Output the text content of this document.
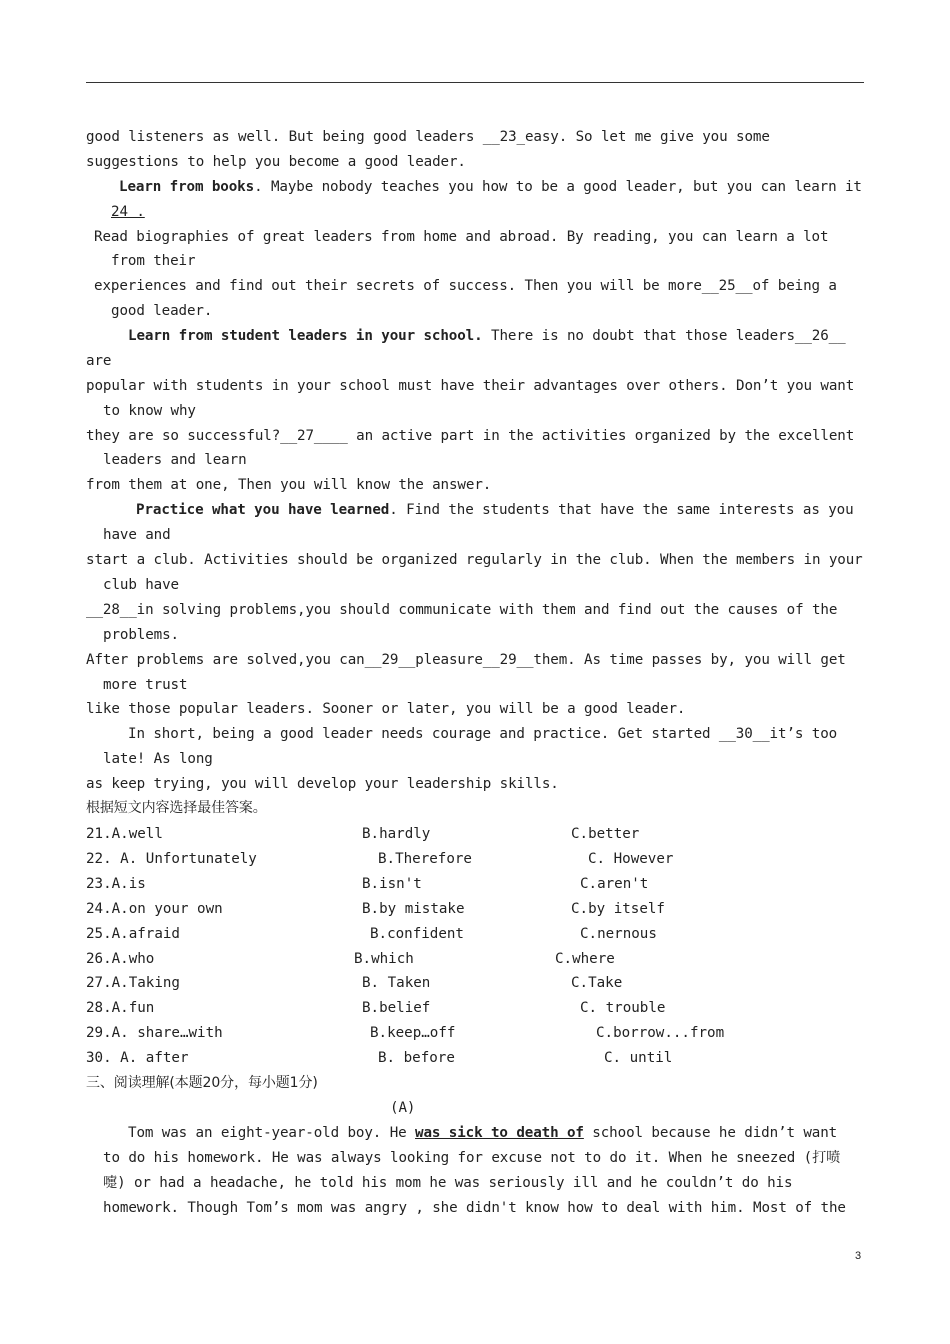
good listeners as well. But being good leaders __23_easy. So let me give you some
suggestions to help you become a good leader.
Learn from books. Maybe nobody teaches you how to be a good leader, but you can learn it
24 .
Read biographies of great leaders from home and abroad. By reading, you can learn a lot
from their
experiences and find out their secrets of success. Then you will be more__25__of being a
good leader.
Learn from student leaders in your school. There is no doubt that those leaders__26__
are
popular with students in your school must have their advantages over others. Don’t you want
to know why
they are so successful?__27____ an active part in the activities organized by the excellent
leaders and learn
from them at one, Then you will know the answer.
Practice what you have learned. Find the students that have the same interests as you
have and
start a club. Activities should be organized regularly in the club. When the members in your
club have
__28__in solving problems,you should communicate with them and find out the causes of the
problems.
After problems are solved,you can__29__pleasure__29__them. As time passes by, you will get
more trust
like those popular leaders. Sooner or later, you will be a good leader.
In short, being a good leader needs courage and practice. Get started __30__it’s too
late! As long
as keep trying, you will develop your leadership skills.
根据短文内容选择最佳答案。
21.A.well	B.hardly	C.better
22. A. Unfortunately	B.Therefore	C. However
23.A.is	B.isn't	C.aren't
24.A.on your own	B.by mistake	C.by itself
25.A.afraid	B.confident	C.nernous
26.A.who	B.which	C.where
27.A.Taking	B. Taken	C.Take
28.A.fun	B.belief	C. trouble
29.A. share…with	B.keep…off	C.borrow...from
30. A. after	B. before	C. until
三、阅读理解(本题20分，每小题1分)
(A)
Tom was an eight-year-old boy. He was sick to death of school because he didn’t want
to do his homework. He was always looking for excuse not to do it. When he sneezed (打喷
嚏) or had a headache, he told his mom he was seriously ill and he couldn’t do his
homework. Though Tom’s mom was angry , she didn't know how to deal with him. Most of the
3
